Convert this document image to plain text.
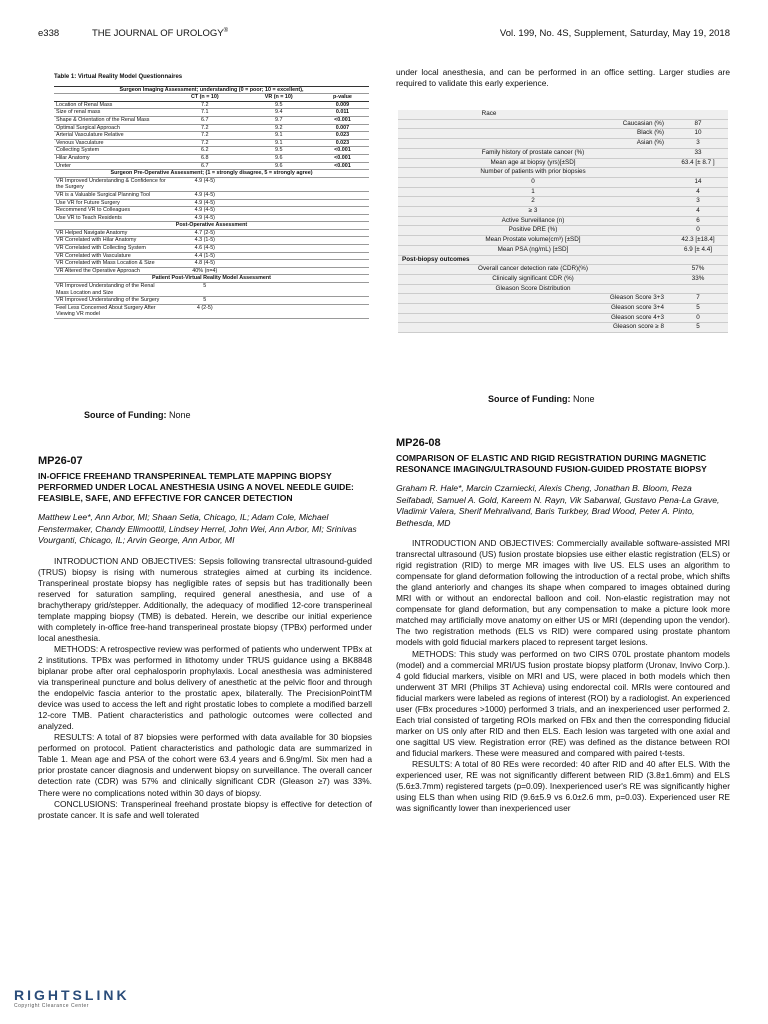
e338	THE JOURNAL OF UROLOGY®	Vol. 199, No. 4S, Supplement, Saturday, May 19, 2018
Table 1: Virtual Reality Model Questionnaires
Surgeon Imaging Assessment; understanding (0 = poor; 10 = excellent),			
	CT (n = 10)	VR (n = 10)	p-value
Location of Renal Mass	7.2	9.5	0.009
Size of renal mass	7.1	9.4	0.011
Shape & Orientation of the Renal Mass	6.7	9.7	<0.001
Optimal Surgical Approach	7.2	9.2	0.007
Arterial Vasculature Relative	7.2	9.1	0.023
Venous Vasculature	7.2	9.1	0.023
Collecting System	6.2	9.5	<0.001
Hilar Anatomy	6.8	9.6	<0.001
Ureter	6.7	9.6	<0.001
Surgeon Pre-Operative Assessment; (1 = strongly disagree, 5 = strongly agree)			
VR Improved Understanding & Confidence for the Surgery	4.9 (4-5)		
VR is a Valuable Surgical Planning Tool	4.9 (4-5)		
Use VR for Future Surgery	4.9 (4-5)		
Recommend VR to Colleagues	4.9 (4-5)		
Use VR to Teach Residents	4.9 (4-5)		
Post-Operative Assessment			
VR Helped Navigate Anatomy	4.7 (2-5)		
VR Correlated with Hilar Anatomy	4.3 (1-5)		
VR Correlated with Collecting System	4.6 (4-5)		
VR Correlated with Vasculature	4.4 (1-5)		
VR Correlated with Mass Location & Size	4.8 (4-5)		
VR Altered the Operative Approach	40% (n=4)		
Patient Post-Virtual Reality Model Assessment			
VR Improved Understanding of the Renal Mass Location and Size	5		
VR Improved Understanding of the Surgery	5		
Feel Less Concerned About Surgery After Viewing VR model	4 (2-5)		
Source of Funding: None
MP26-07
IN-OFFICE FREEHAND TRANSPERINEAL TEMPLATE MAPPING BIOPSY PERFORMED UNDER LOCAL ANESTHESIA USING A NOVEL NEEDLE GUIDE: FEASIBLE, SAFE, AND EFFECTIVE FOR CANCER DETECTION
Matthew Lee*, Ann Arbor, MI; Shaan Setia, Chicago, IL; Adam Cole, Michael Fenstermaker, Chandy Ellimoottil, Lindsey Herrel, John Wei, Ann Arbor, MI; Srinivas Vourganti, Chicago, IL; Arvin George, Ann Arbor, MI

INTRODUCTION AND OBJECTIVES: Sepsis following transrectal ultrasound-guided (TRUS) biopsy is rising with numerous strategies aimed at curbing its incidence. Transperineal prostate biopsy has negligible rates of sepsis but has traditionally been reserved for saturation sampling, required general anesthesia, and use of a brachytherapy grid/stepper. Additionally, the adequacy of modified 12-core transperineal template mapping biopsy (TMB) is debated. Herein, we describe our initial experience with completely in-office free-hand transperineal prostate biopsy (TPBx) performed under local anesthesia.

METHODS: A retrospective review was performed of patients who underwent TPBx at 2 institutions. TPBx was performed in lithotomy under TRUS guidance using a BK8848 biplanar probe after oral cephalosporin prophylaxis. Local anesthesia was administered via transperineal puncture and bolus delivery of anesthetic at the pelvic floor and through the endopelvic fascia anterior to the prostatic apex, bilaterally. The PrecisionPointTM device was used to access the left and right prostatic lobes to complete a modified barzell 12-core TMB. Patient characteristics and pathologic outcomes were collected and analyzed.

RESULTS: A total of 87 biopsies were performed with data available for 30 biopsies performed on protocol. Patient characteristics and pathologic data are summarized in Table 1. Mean age and PSA of the cohort were 63.4 years and 6.9ng/ml. Six men had a prior prostate cancer diagnosis and underwent biopsy on surveillance. The overall cancer detection rate (CDR) was 57% and clinically significant CDR (Gleason ≥7) was 33%. There were no complications noted within 30 days of biopsy.

CONCLUSIONS: Transperineal freehand prostate biopsy is effective for detection of prostate cancer. It is safe and well tolerated

under local anesthesia, and can be performed in an office setting. Larger studies are required to validate this early experience.

Race		
	Caucasian (%)	87
	Black (%)	10
	Asian (%)	3
Family history of prostate cancer (%)		33
Mean age at biopsy (yrs)[±SD]		63.4 [± 8.7 ]
Number of patients with prior biopsies		
0		14
1		4
2		3
≥ 3		4
Active Surveillance (n)		6
Positive DRE (%)		0
Mean Prostate volume(cm³) [±SD]		42.3 [±18.4]
Mean PSA (ng/mL) [±SD]		6.9 [± 4.4]
Post-biopsy outcomes		
Overall cancer detection rate (CDR)(%)		57%
Clinically significant CDR (%)		33%
Gleason Score Distribution		
	Gleason Score 3+3	7
	Gleason score 3+4	5
	Gleason score 4+3	0
	Gleason score ≥ 8	5
Source of Funding: None
MP26-08
COMPARISON OF ELASTIC AND RIGID REGISTRATION DURING MAGNETIC RESONANCE IMAGING/ULTRASOUND FUSION-GUIDED PROSTATE BIOPSY
Graham R. Hale*, Marcin Czarniecki, Alexis Cheng, Jonathan B. Bloom, Reza Seifabadi, Samuel A. Gold, Kareem N. Rayn, Vik Sabarwal, Gustavo Pena-La Grave, Vladimir Valera, Sherif Mehralivand, Baris Turkbey, Brad Wood, Peter A. Pinto, Bethesda, MD

INTRODUCTION AND OBJECTIVES: Commercially available software-assisted MRI transrectal ultrasound (US) fusion prostate biopsies use either elastic registration (ELS) or rigid registration (RID) to merge MR images with live US. ELS uses an algorithm to compensate for gland deformation following the introduction of a rectal probe, which shifts the gland anteriorly and changes its shape when compared to images obtained during MRI with or without an endorectal balloon and coil. Non-elastic registration may not compensate for gland deformation, but any compensation to make a picture look more matched may artificially move anatomy on either US or MRI (depending upon the vendor). The two registration methods (ELS vs RID) were compared using prostate phantom models with gold fiducial markers placed to represent target lesions.

METHODS: This study was performed on two CIRS 070L prostate phantom models (model) and a commercial MRI/US fusion prostate biopsy platform (Uronav, Invivo Corp.). 4 gold fiducial markers, visible on MRI and US, were placed in both models which then underwent 3T MRI (Philips 3T Achieva) using endorectal coil. MRIs were contoured and fiducial markers were labeled as regions of interest (ROI) by a radiologist. An experienced user (FBx procedures >1000) performed 3 trials, and an inexperienced user performed 2. Each trial consisted of targeting ROIs marked on FBx and then the corresponding fiducial marker on US only after RID and then ELS. Each lesion was targeted with one axial and one sagittal US view. Registration error (RE) was defined as the distance between ROI and fiducial markers. These were measured and compared with paired t-tests.

RESULTS: A total of 80 REs were recorded: 40 after RID and 40 after ELS. With the experienced user, RE was not significantly different between RID (3.8±1.6mm) and ELS (5.6±3.7mm) registered targets (p=0.09). Inexperienced user's RE was significantly higher using ELS than when using RID (9.6±5.9 vs 6.0±2.6 mm, p=0.03). Experienced user RE was significantly lower than inexperienced user

RIGHTSLINK
Copyright Clearance Center
